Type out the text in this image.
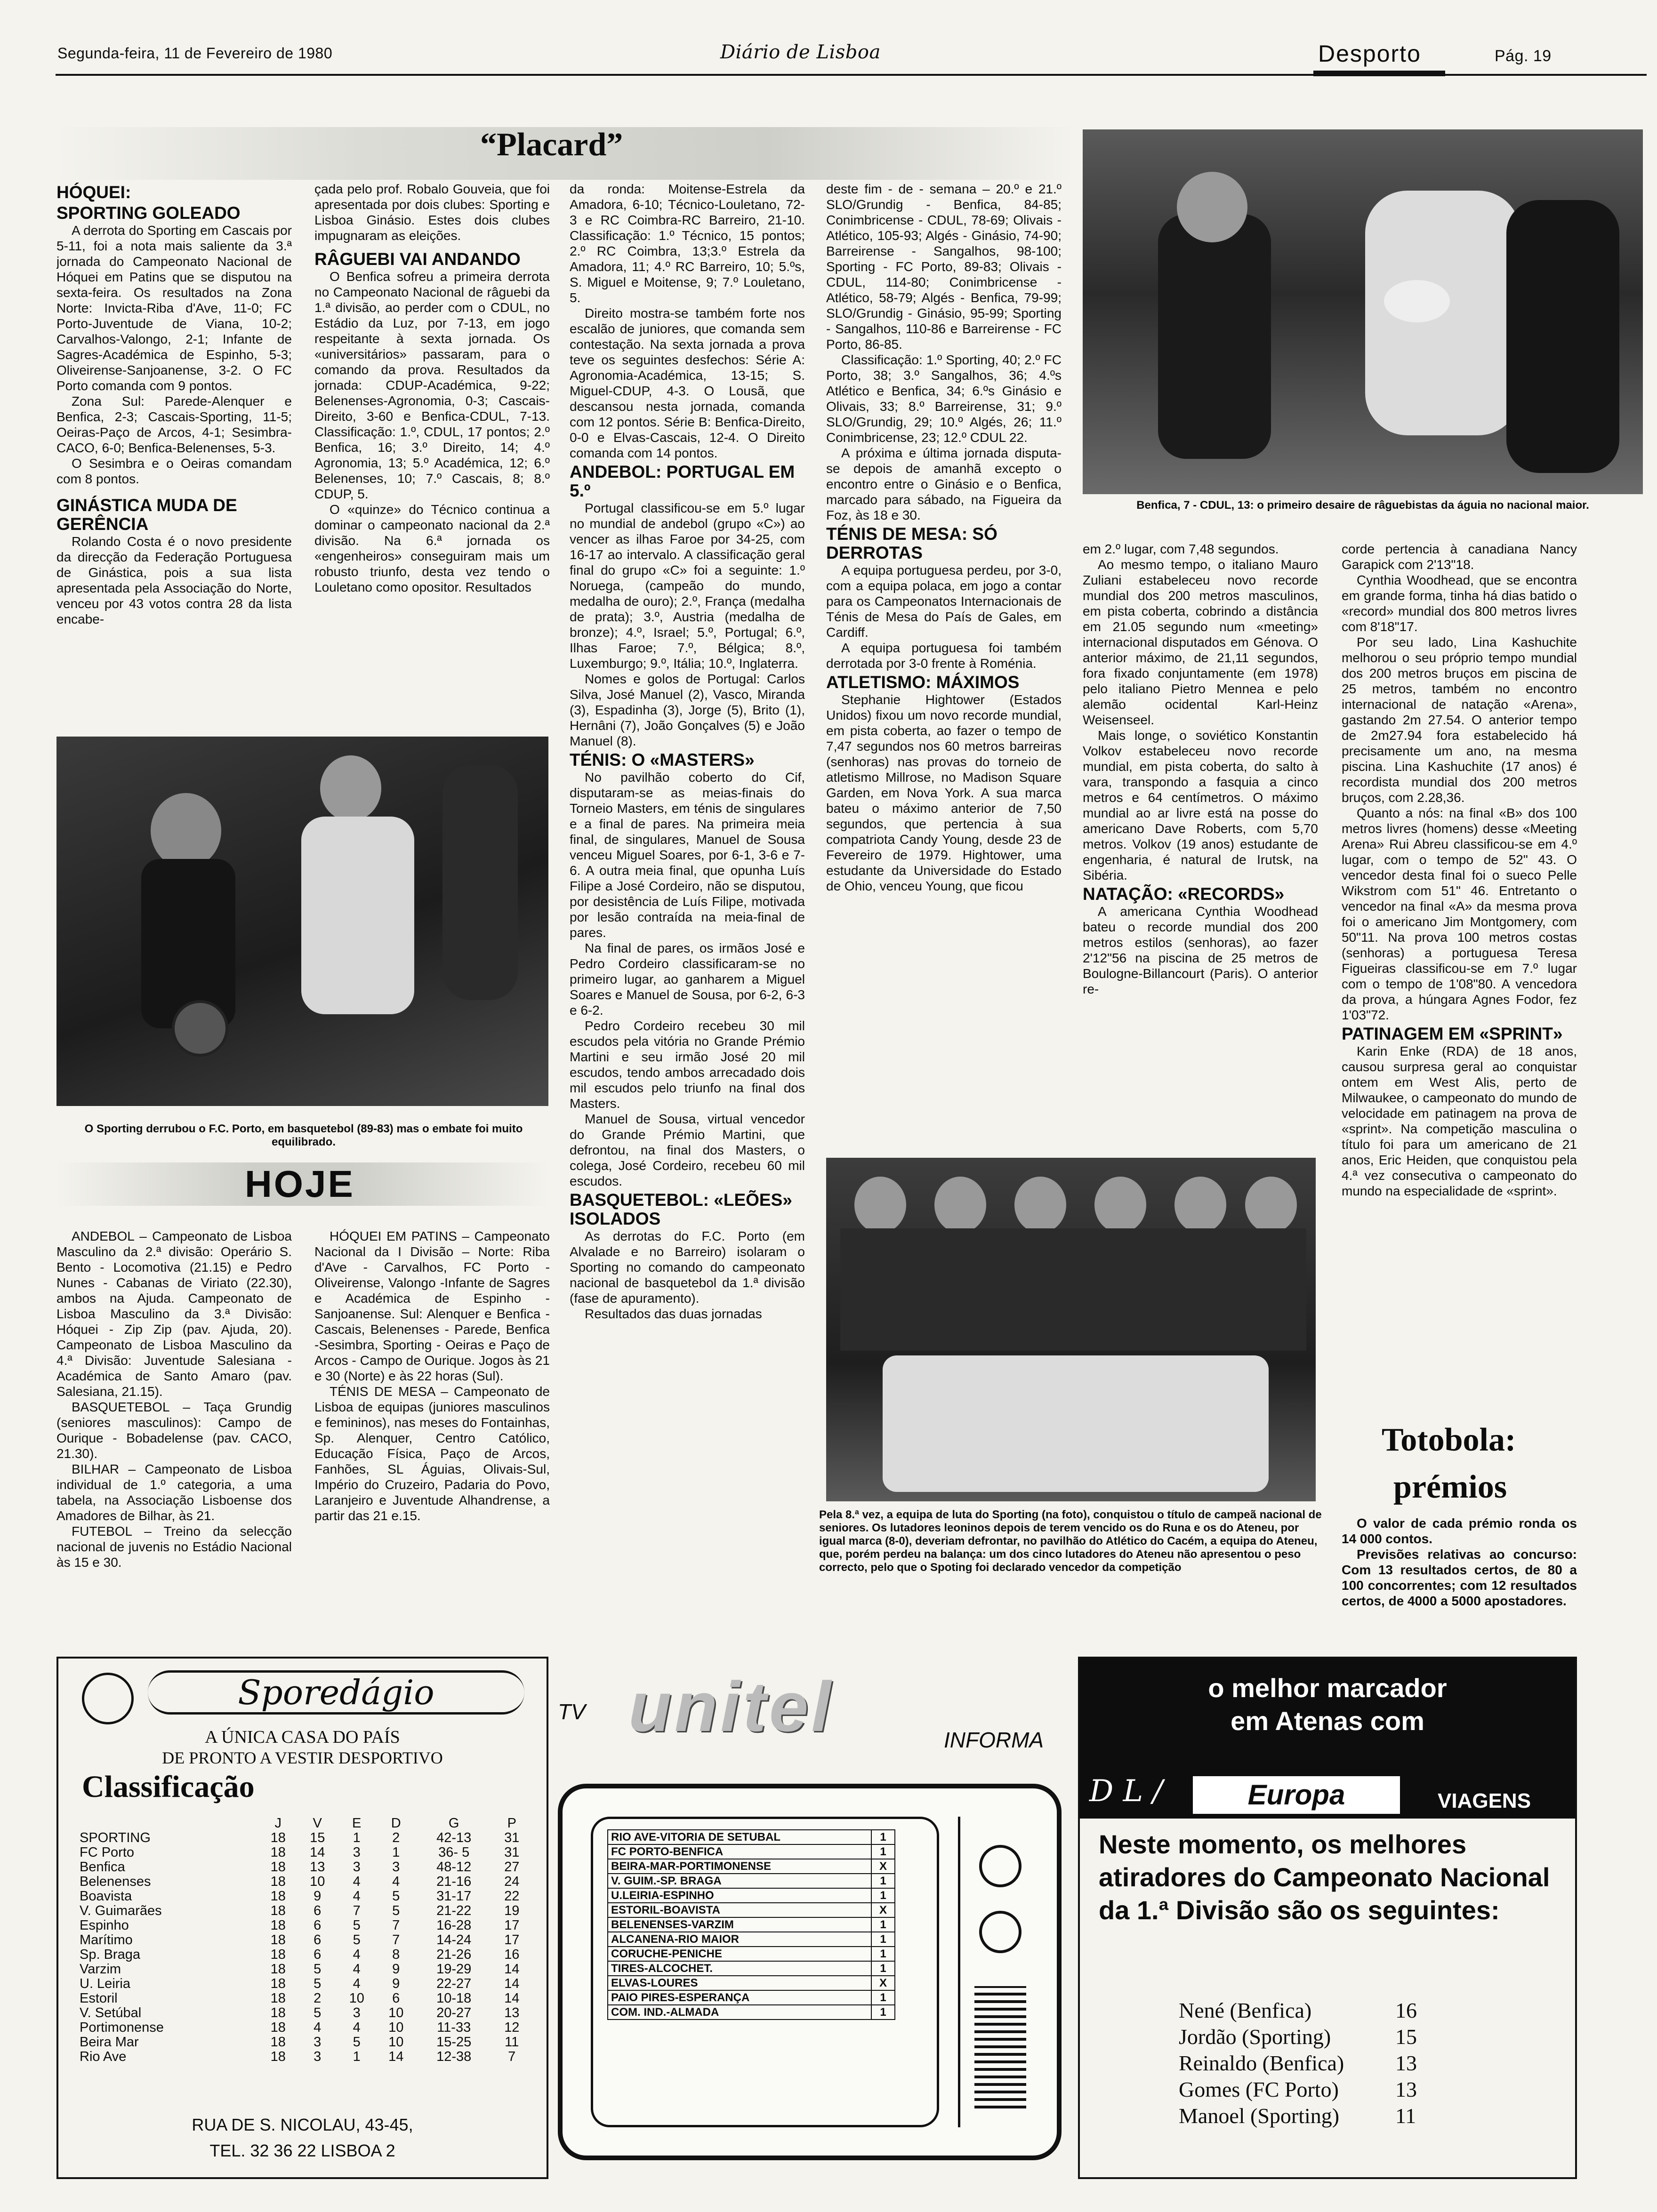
Segunda-feira, 11 de Fevereiro de 1980	Diário de Lisboa	Desporto	Pág. 19
“Placard”
HÓQUEI:
SPORTING GOLEADO

A derrota do Sporting em Cascais por 5-11, foi a nota mais saliente da 3.ª jornada do Campeonato Nacional de Hóquei em Patins que se disputou na sexta-feira. Os resultados na Zona Norte: Invicta-Riba d'Ave, 11-0; FC Porto-Juventude de Viana, 10-2; Carvalhos-Valongo, 2-1; Infante de Sagres-Académica de Espinho, 5-3; Oliveirense-Sanjoanense, 3-2. O FC Porto comanda com 9 pontos.

Zona Sul: Parede-Alenquer e Benfica, 2-3; Cascais-Sporting, 11-5; Oeiras-Paço de Arcos, 4-1; Sesimbra-CACO, 6-0; Benfica-Belenenses, 5-3.

O Sesimbra e o Oeiras comandam com 8 pontos.

GINÁSTICA MUDA DE GERÊNCIA

Rolando Costa é o novo presidente da direcção da Federação Portuguesa de Ginástica, pois a sua lista apresentada pela Associação do Norte, venceu por 43 votos contra 28 da lista encabe-

çada pelo prof. Robalo Gouveia, que foi apresentada por dois clubes: Sporting e Lisboa Ginásio. Estes dois clubes impugnaram as eleições.

RÂGUEBI VAI ANDANDO

O Benfica sofreu a primeira derrota no Campeonato Nacional de râguebi da 1.ª divisão, ao perder com o CDUL, no Estádio da Luz, por 7-13, em jogo respeitante à sexta jornada. Os «universitários» passaram, para o comando da prova. Resultados da jornada: CDUP-Académica, 9-22; Belenenses-Agronomia, 0-3; Cascais-Direito, 3-60 e Benfica-CDUL, 7-13. Classificação: 1.º, CDUL, 17 pontos; 2.º Benfica, 16; 3.º Direito, 14; 4.º Agronomia, 13; 5.º Académica, 12; 6.º Belenenses, 10; 7.º Cascais, 8; 8.º CDUP, 5.

O «quinze» do Técnico continua a dominar o campeonato nacional da 2.ª divisão. Na 6.ª jornada os «engenheiros» conseguiram mais um robusto triunfo, desta vez tendo o Louletano como opositor. Resultados

O Sporting derrubou o F.C. Porto, em basquetebol (89-83) mas o embate foi muito equilibrado.
HOJE

ANDEBOL – Campeonato de Lisboa Masculino da 2.ª divisão: Operário S. Bento - Locomotiva (21.15) e Pedro Nunes - Cabanas de Viriato (22.30), ambos na Ajuda. Campeonato de Lisboa Masculino da 3.ª Divisão: Hóquei - Zip Zip (pav. Ajuda, 20). Campeonato de Lisboa Masculino da 4.ª Divisão: Juventude Salesiana - Académica de Santo Amaro (pav. Salesiana, 21.15).

BASQUETEBOL – Taça Grundig (seniores masculinos): Campo de Ourique - Bobadelense (pav. CACO, 21.30).

BILHAR – Campeonato de Lisboa individual de 1.º categoria, a uma tabela, na Associação Lisboense dos Amadores de Bilhar, às 21.

FUTEBOL – Treino da selecção nacional de juvenis no Estádio Nacional às 15 e 30.

HÓQUEI EM PATINS – Campeonato Nacional da I Divisão – Norte: Riba d'Ave - Carvalhos, FC Porto - Oliveirense, Valongo -Infante de Sagres e Académica de Espinho - Sanjoanense. Sul: Alenquer e Benfica - Cascais, Belenenses - Parede, Benfica -Sesimbra, Sporting - Oeiras e Paço de Arcos - Campo de Ourique. Jogos às 21 e 30 (Norte) e às 22 horas (Sul).

TÉNIS DE MESA – Campeonato de Lisboa de equipas (juniores masculinos e femininos), nas meses do Fontainhas, Sp. Alenquer, Centro Católico, Educação Física, Paço de Arcos, Fanhões, SL Águias, Olivais-Sul, Império do Cruzeiro, Padaria do Povo, Laranjeiro e Juventude Alhandrense, a partir das 21 e.15.

da ronda: Moitense-Estrela da Amadora, 6-10; Técnico-Louletano, 72-3 e RC Coimbra-RC Barreiro, 21-10. Classificação: 1.º Técnico, 15 pontos; 2.º RC Coimbra, 13;3.º Estrela da Amadora, 11; 4.º RC Barreiro, 10; 5.ºs, S. Miguel e Moitense, 9; 7.º Louletano, 5.

Direito mostra-se também forte nos escalão de juniores, que comanda sem contestação. Na sexta jornada a prova teve os seguintes desfechos: Série A: Agronomia-Académica, 13-15; S. Miguel-CDUP, 4-3. O Lousã, que descansou nesta jornada, comanda com 12 pontos. Série B: Benfica-Direito, 0-0 e Elvas-Cascais, 12-4. O Direito comanda com 14 pontos.

ANDEBOL: PORTUGAL EM 5.º

Portugal classificou-se em 5.º lugar no mundial de andebol (grupo «C») ao vencer as ilhas Faroe por 34-25, com 16-17 ao intervalo. A classificação geral final do grupo «C» foi a seguinte: 1.º Noruega, (campeão do mundo, medalha de ouro); 2.º, França (medalha de prata); 3.º, Austria (medalha de bronze); 4.º, Israel; 5.º, Portugal; 6.º, Ilhas Faroe; 7.º, Bélgica; 8.º, Luxemburgo; 9.º, Itália; 10.º, Inglaterra.

Nomes e golos de Portugal: Carlos Silva, José Manuel (2), Vasco, Miranda (3), Espadinha (3), Jorge (5), Brito (1), Hernâni (7), João Gonçalves (5) e João Manuel (8).

TÉNIS: O «MASTERS»

No pavilhão coberto do Cif, disputaram-se as meias-finais do Torneio Masters, em ténis de singulares e a final de pares. Na primeira meia final, de singulares, Manuel de Sousa venceu Miguel Soares, por 6-1, 3-6 e 7-6. A outra meia final, que opunha Luís Filipe a José Cordeiro, não se disputou, por desistência de Luís Filipe, motivada por lesão contraída na meia-final de pares.

Na final de pares, os irmãos José e Pedro Cordeiro classificaram-se no primeiro lugar, ao ganharem a Miguel Soares e Manuel de Sousa, por 6-2, 6-3 e 6-2.

Pedro Cordeiro recebeu 30 mil escudos pela vitória no Grande Prémio Martini e seu irmão José 20 mil escudos, tendo ambos arrecadado dois mil escudos pelo triunfo na final dos Masters.

Manuel de Sousa, virtual vencedor do Grande Prémio Martini, que defrontou, na final dos Masters, o colega, José Cordeiro, recebeu 60 mil escudos.

BASQUETEBOL: «LEÕES» ISOLADOS

As derrotas do F.C. Porto (em Alvalade e no Barreiro) isolaram o Sporting no comando do campeonato nacional de basquetebol da 1.ª divisão (fase de apuramento).

Resultados das duas jornadas

deste fim - de - semana – 20.º e 21.º SLO/Grundig - Benfica, 84-85; Conimbricense - CDUL, 78-69; Olivais - Atlético, 105-93; Algés - Ginásio, 74-90; Barreirense - Sangalhos, 98-100; Sporting - FC Porto, 89-83; Olivais - CDUL, 114-80; Conimbricense - Atlético, 58-79; Algés - Benfica, 79-99; SLO/Grundig - Ginásio, 95-99; Sporting - Sangalhos, 110-86 e Barreirense - FC Porto, 86-85.

Classificação: 1.º Sporting, 40; 2.º FC Porto, 38; 3.º Sangalhos, 36; 4.ºs Atlético e Benfica, 34; 6.ºs Ginásio e Olivais, 33; 8.º Barreirense, 31; 9.º SLO/Grundig, 29; 10.º Algés, 26; 11.º Conimbricense, 23; 12.º CDUL 22.

A próxima e última jornada disputa-se depois de amanhã excepto o encontro entre o Ginásio e o Benfica, marcado para sábado, na Figueira da Foz, às 18 e 30.

TÉNIS DE MESA: SÓ DERROTAS

A equipa portuguesa perdeu, por 3-0, com a equipa polaca, em jogo a contar para os Campeonatos Internacionais de Ténis de Mesa do País de Gales, em Cardiff.

A equipa portuguesa foi também derrotada por 3-0 frente à Roménia.

ATLETISMO: MÁXIMOS

Stephanie Hightower (Estados Unidos) fixou um novo recorde mundial, em pista coberta, ao fazer o tempo de 7,47 segundos nos 60 metros barreiras (senhoras) nas provas do torneio de atletismo Millrose, no Madison Square Garden, em Nova York. A sua marca bateu o máximo anterior de 7,50 segundos, que pertencia à sua compatriota Candy Young, desde 23 de Fevereiro de 1979. Hightower, uma estudante da Universidade do Estado de Ohio, venceu Young, que ficou

Benfica, 7 - CDUL, 13: o primeiro desaire de râguebistas da águia no nacional maior.

em 2.º lugar, com 7,48 segundos.

Ao mesmo tempo, o italiano Mauro Zuliani estabeleceu novo recorde mundial dos 200 metros masculinos, em pista coberta, cobrindo a distância em 21.05 segundo num «meeting» internacional disputados em Génova. O anterior máximo, de 21,11 segundos, fora fixado conjuntamente (em 1978) pelo italiano Pietro Mennea e pelo alemão ocidental Karl-Heinz Weisenseel.

Mais longe, o soviético Konstantin Volkov estabeleceu novo recorde mundial, em pista coberta, do salto à vara, transpondo a fasquia a cinco metros e 64 centímetros. O máximo mundial ao ar livre está na posse do americano Dave Roberts, com 5,70 metros. Volkov (19 anos) estudante de engenharia, é natural de Irutsk, na Sibéria.

NATAÇÃO: «RECORDS»

A americana Cynthia Woodhead bateu o recorde mundial dos 200 metros estilos (senhoras), ao fazer 2'12"56 na piscina de 25 metros de Boulogne-Billancourt (Paris). O anterior re-

corde pertencia à canadiana Nancy Garapick com 2'13"18.

Cynthia Woodhead, que se encontra em grande forma, tinha há dias batido o «record» mundial dos 800 metros livres com 8'18"17.

Por seu lado, Lina Kashuchite melhorou o seu próprio tempo mundial dos 200 metros bruços em piscina de 25 metros, também no encontro internacional de natação «Arena», gastando 2m 27.54. O anterior tempo de 2m27.94 fora estabelecido há precisamente um ano, na mesma piscina. Lina Kashuchite (17 anos) é recordista mundial dos 200 metros bruços, com 2.28,36.

Quanto a nós: na final «B» dos 100 metros livres (homens) desse «Meeting Arena» Rui Abreu classificou-se em 4.º lugar, com o tempo de 52" 43. O vencedor desta final foi o sueco Pelle Wikstrom com 51" 46. Entretanto o vencedor na final «A» da mesma prova foi o americano Jim Montgomery, com 50"11. Na prova 100 metros costas (senhoras) a portuguesa Teresa Figueiras classificou-se em 7.º lugar com o tempo de 1'08"80. A vencedora da prova, a húngara Agnes Fodor, fez 1'03"72.

PATINAGEM EM «SPRINT»

Karin Enke (RDA) de 18 anos, causou surpresa geral ao conquistar ontem em West Alis, perto de Milwaukee, o campeonato do mundo de velocidade em patinagem na prova de «sprint». Na competição masculina o título foi para um americano de 21 anos, Eric Heiden, que conquistou pela 4.ª vez consecutiva o campeonato do mundo na especialidade de «sprint».

Pela 8.ª vez, a equipa de luta do Sporting (na foto), conquistou o título de campeã nacional de seniores. Os lutadores leoninos depois de terem vencido os do Runa e os do Ateneu, por igual marca (8-0), deveriam defrontar, no pavilhão do Atlético do Cacém, a equipa do Ateneu, que, porém perdeu na balança: um dos cinco lutadores do Ateneu não apresentou o peso correcto, pelo que o Spoting foi declarado vencedor da competição
Totobola:
prémios

O valor de cada prémio ronda os 14 000 contos.

Previsões relativas ao concurso: Com 13 resultados certos, de 80 a 100 concorrentes; com 12 resultados certos, de 4000 a 5000 apostadores.

Sporedágio
A ÚNICA CASA DO PAÍS
DE PRONTO A VESTIR DESPORTIVO
Classificação
	J	V	E	D	G	P
SPORTING	18	15	1	2	42-13	31
FC Porto	18	14	3	1	36- 5	31
Benfica	18	13	3	3	48-12	27
Belenenses	18	10	4	4	21-16	24
Boavista	18	9	4	5	31-17	22
V. Guimarães	18	6	7	5	21-22	19
Espinho	18	6	5	7	16-28	17
Marítimo	18	6	5	7	14-24	17
Sp. Braga	18	6	4	8	21-26	16
Varzim	18	5	4	9	19-29	14
U. Leiria	18	5	4	9	22-27	14
Estoril	18	2	10	6	10-18	14
V. Setúbal	18	5	3	10	20-27	13
Portimonense	18	4	4	10	11-33	12
Beira Mar	18	3	5	10	15-25	11
Rio Ave	18	3	1	14	12-38	7
RUA DE S. NICOLAU, 43-45,
TEL. 32 36 22 LISBOA 2
TV unitel	INFORMA
RIO AVE-VITORIA DE SETUBAL	1
FC PORTO-BENFICA	1
BEIRA-MAR-PORTIMONENSE	X
V. GUIM.-SP. BRAGA	1
U.LEIRIA-ESPINHO	1
ESTORIL-BOAVISTA	X
BELENENSES-VARZIM	1
ALCANENA-RIO MAIOR	1
CORUCHE-PENICHE	1
TIRES-ALCOCHET.	1
ELVAS-LOURES	X
PAIO PIRES-ESPERANÇA	1
COM. IND.-ALMADA	1
o melhor marcador
em Atenas com
D L /	Europa	VIAGENS
Neste momento, os melhores atiradores do Campeonato Nacional da 1.ª Divisão são os seguintes:
Nené (Benfica)	16
Jordão (Sporting)	15
Reinaldo (Benfica)	13
Gomes (FC Porto)	13
Manoel (Sporting)	11
